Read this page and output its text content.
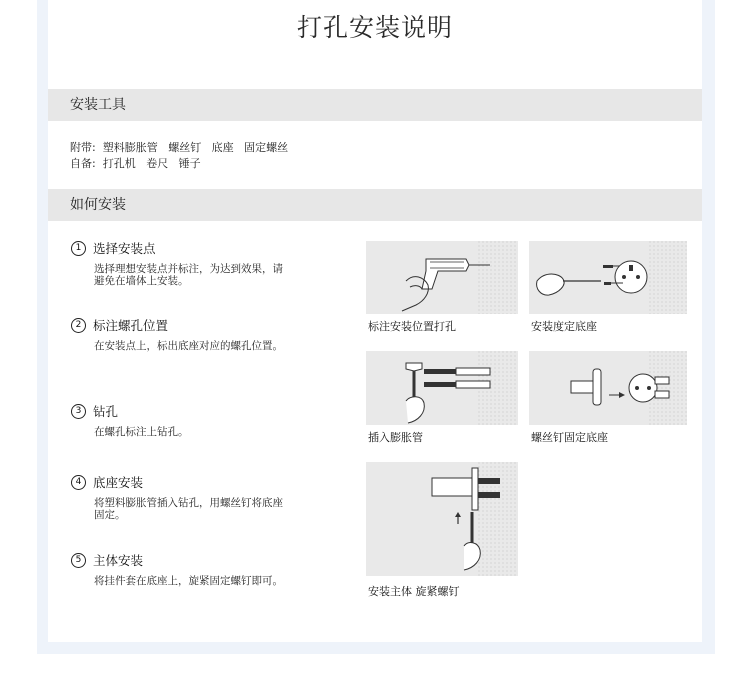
打孔安装说明
安装工具
附带:  塑料膨胀管   螺丝钉   底座   固定螺丝
自备:  打孔机   卷尺   锤子
如何安装
1 选择安装点
选择理想安装点并标注，为达到效果，请避免在墙体上安装。
2 标注螺孔位置
在安装点上，标出底座对应的螺孔位置。
3 钻孔
在螺孔标注上钻孔。
4 底座安装
将塑料膨胀管插入钻孔，用螺丝钉将底座固定。
5 主体安装
将挂件套在底座上，旋紧固定螺钉即可。
标注安装位置打孔	安装度定底座
插入膨胀管	螺丝钉固定底座
安装主体 旋紧螺钉
